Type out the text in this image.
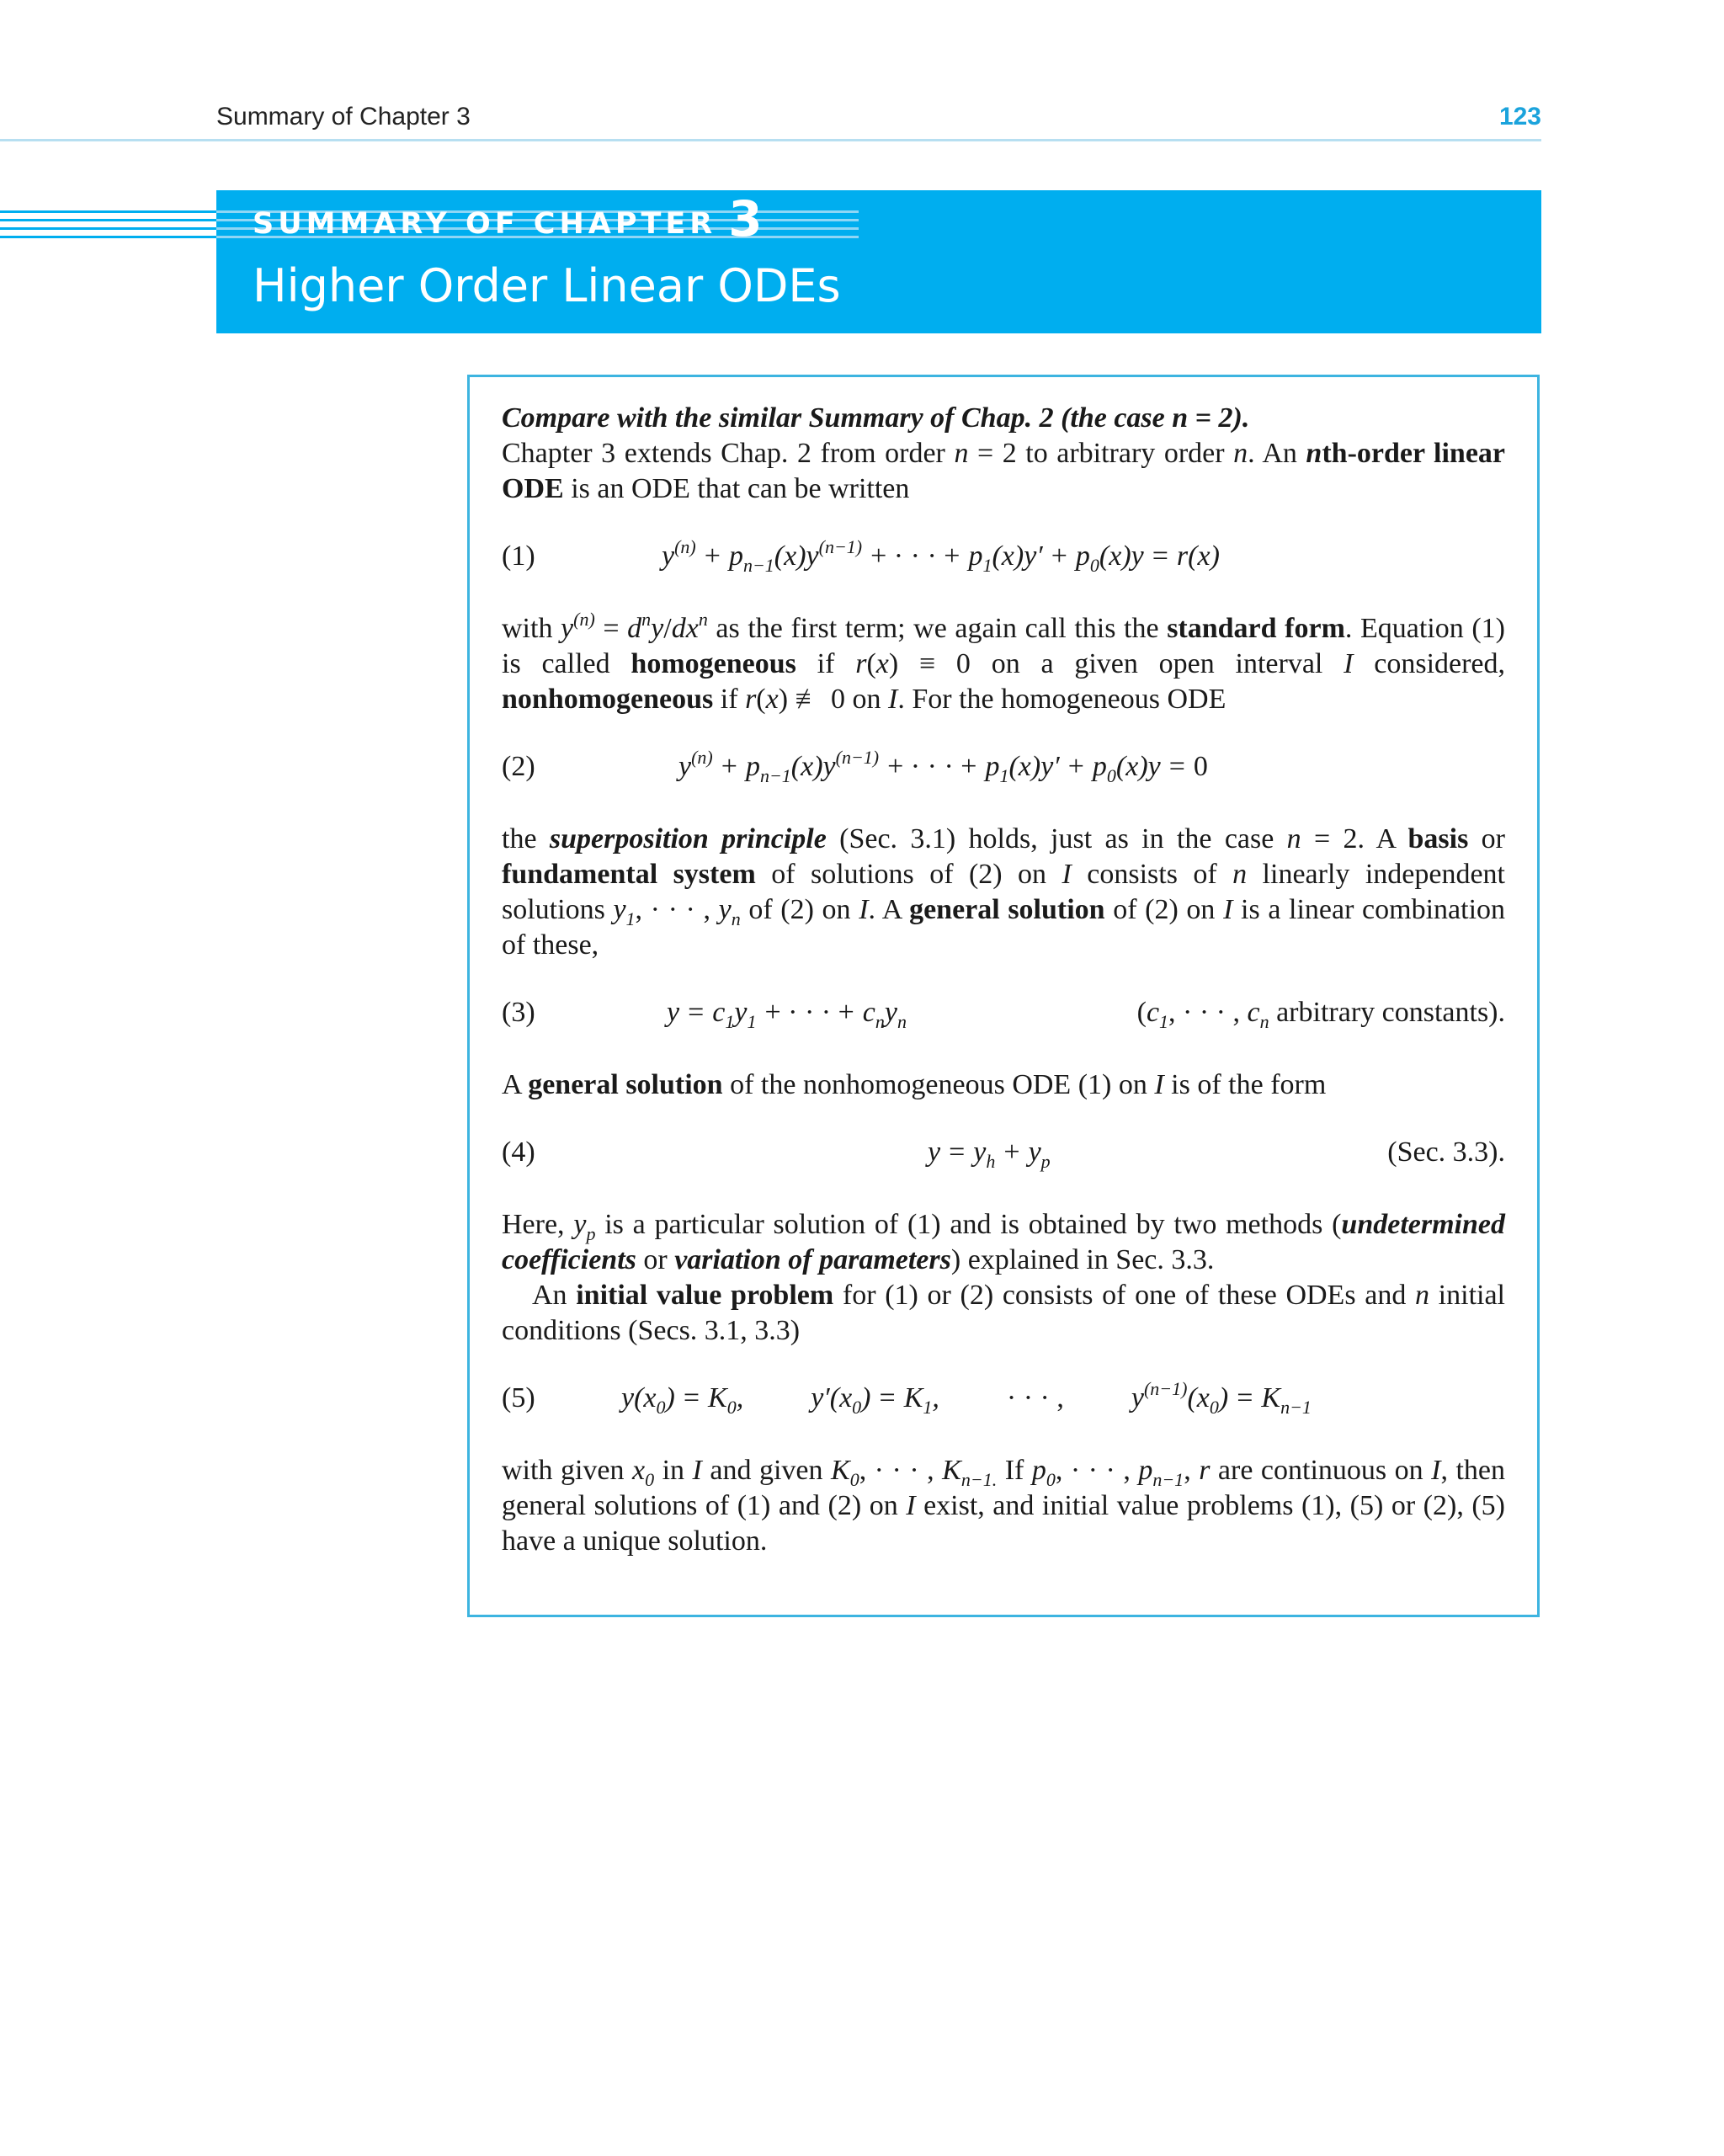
Summary of Chapter 3	123
SUMMARY OF CHAPTER 3
Higher Order Linear ODEs

Compare with the similar Summary of Chap. 2 (the case n = 2).

Chapter 3 extends Chap. 2 from order n = 2 to arbitrary order n. An nth-order linear ODE is an ODE that can be written

(1)	$y^{(n)} + p_{n-1}(x)y^{(n-1)}$ + · · · + $p_1(x)y' + p_0(x)y = r(x)$

with $y^{(n)} = d^ny/dx^n$ as the first term; we again call this the standard form. Equation (1) is called homogeneous if r(x) ≡ 0 on a given open interval I considered, nonhomogeneous if r(x) ≢ 0 on I. For the homogeneous ODE

(2)	$y^{(n)} + p_{n-1}(x)y^{(n-1)}$ + · · · + $p_1(x)y' + p_0(x)y = 0$

the superposition principle (Sec. 3.1) holds, just as in the case n = 2. A basis or fundamental system of solutions of (2) on I consists of n linearly independent solutions $y_1$, · · · , $y_n$ of (2) on I. A general solution of (2) on I is a linear combination of these,

(3)	$y = c_1y_1$ + · · · + $c_ny_n$	($c_1$, · · · , $c_n$ arbitrary constants).

A general solution of the nonhomogeneous ODE (1) on I is of the form

(4)	$y = y_h + y_p$	(Sec. 3.3).

Here, $y_p$ is a particular solution of (1) and is obtained by two methods (undetermined coefficients or variation of parameters) explained in Sec. 3.3.

An initial value problem for (1) or (2) consists of one of these ODEs and n initial conditions (Secs. 3.1, 3.3)

(5)	$y(x_0) = K_0$, $y'(x_0) = K_1$, · · · , $y^{(n-1)}(x_0) = K_{n-1}$

with given $x_0$ in I and given $K_0$, · · · , $K_{n-1.}$ If $p_0$, · · · , $p_{n-1}$, r are continuous on I, then general solutions of (1) and (2) on I exist, and initial value problems (1), (5) or (2), (5) have a unique solution.
